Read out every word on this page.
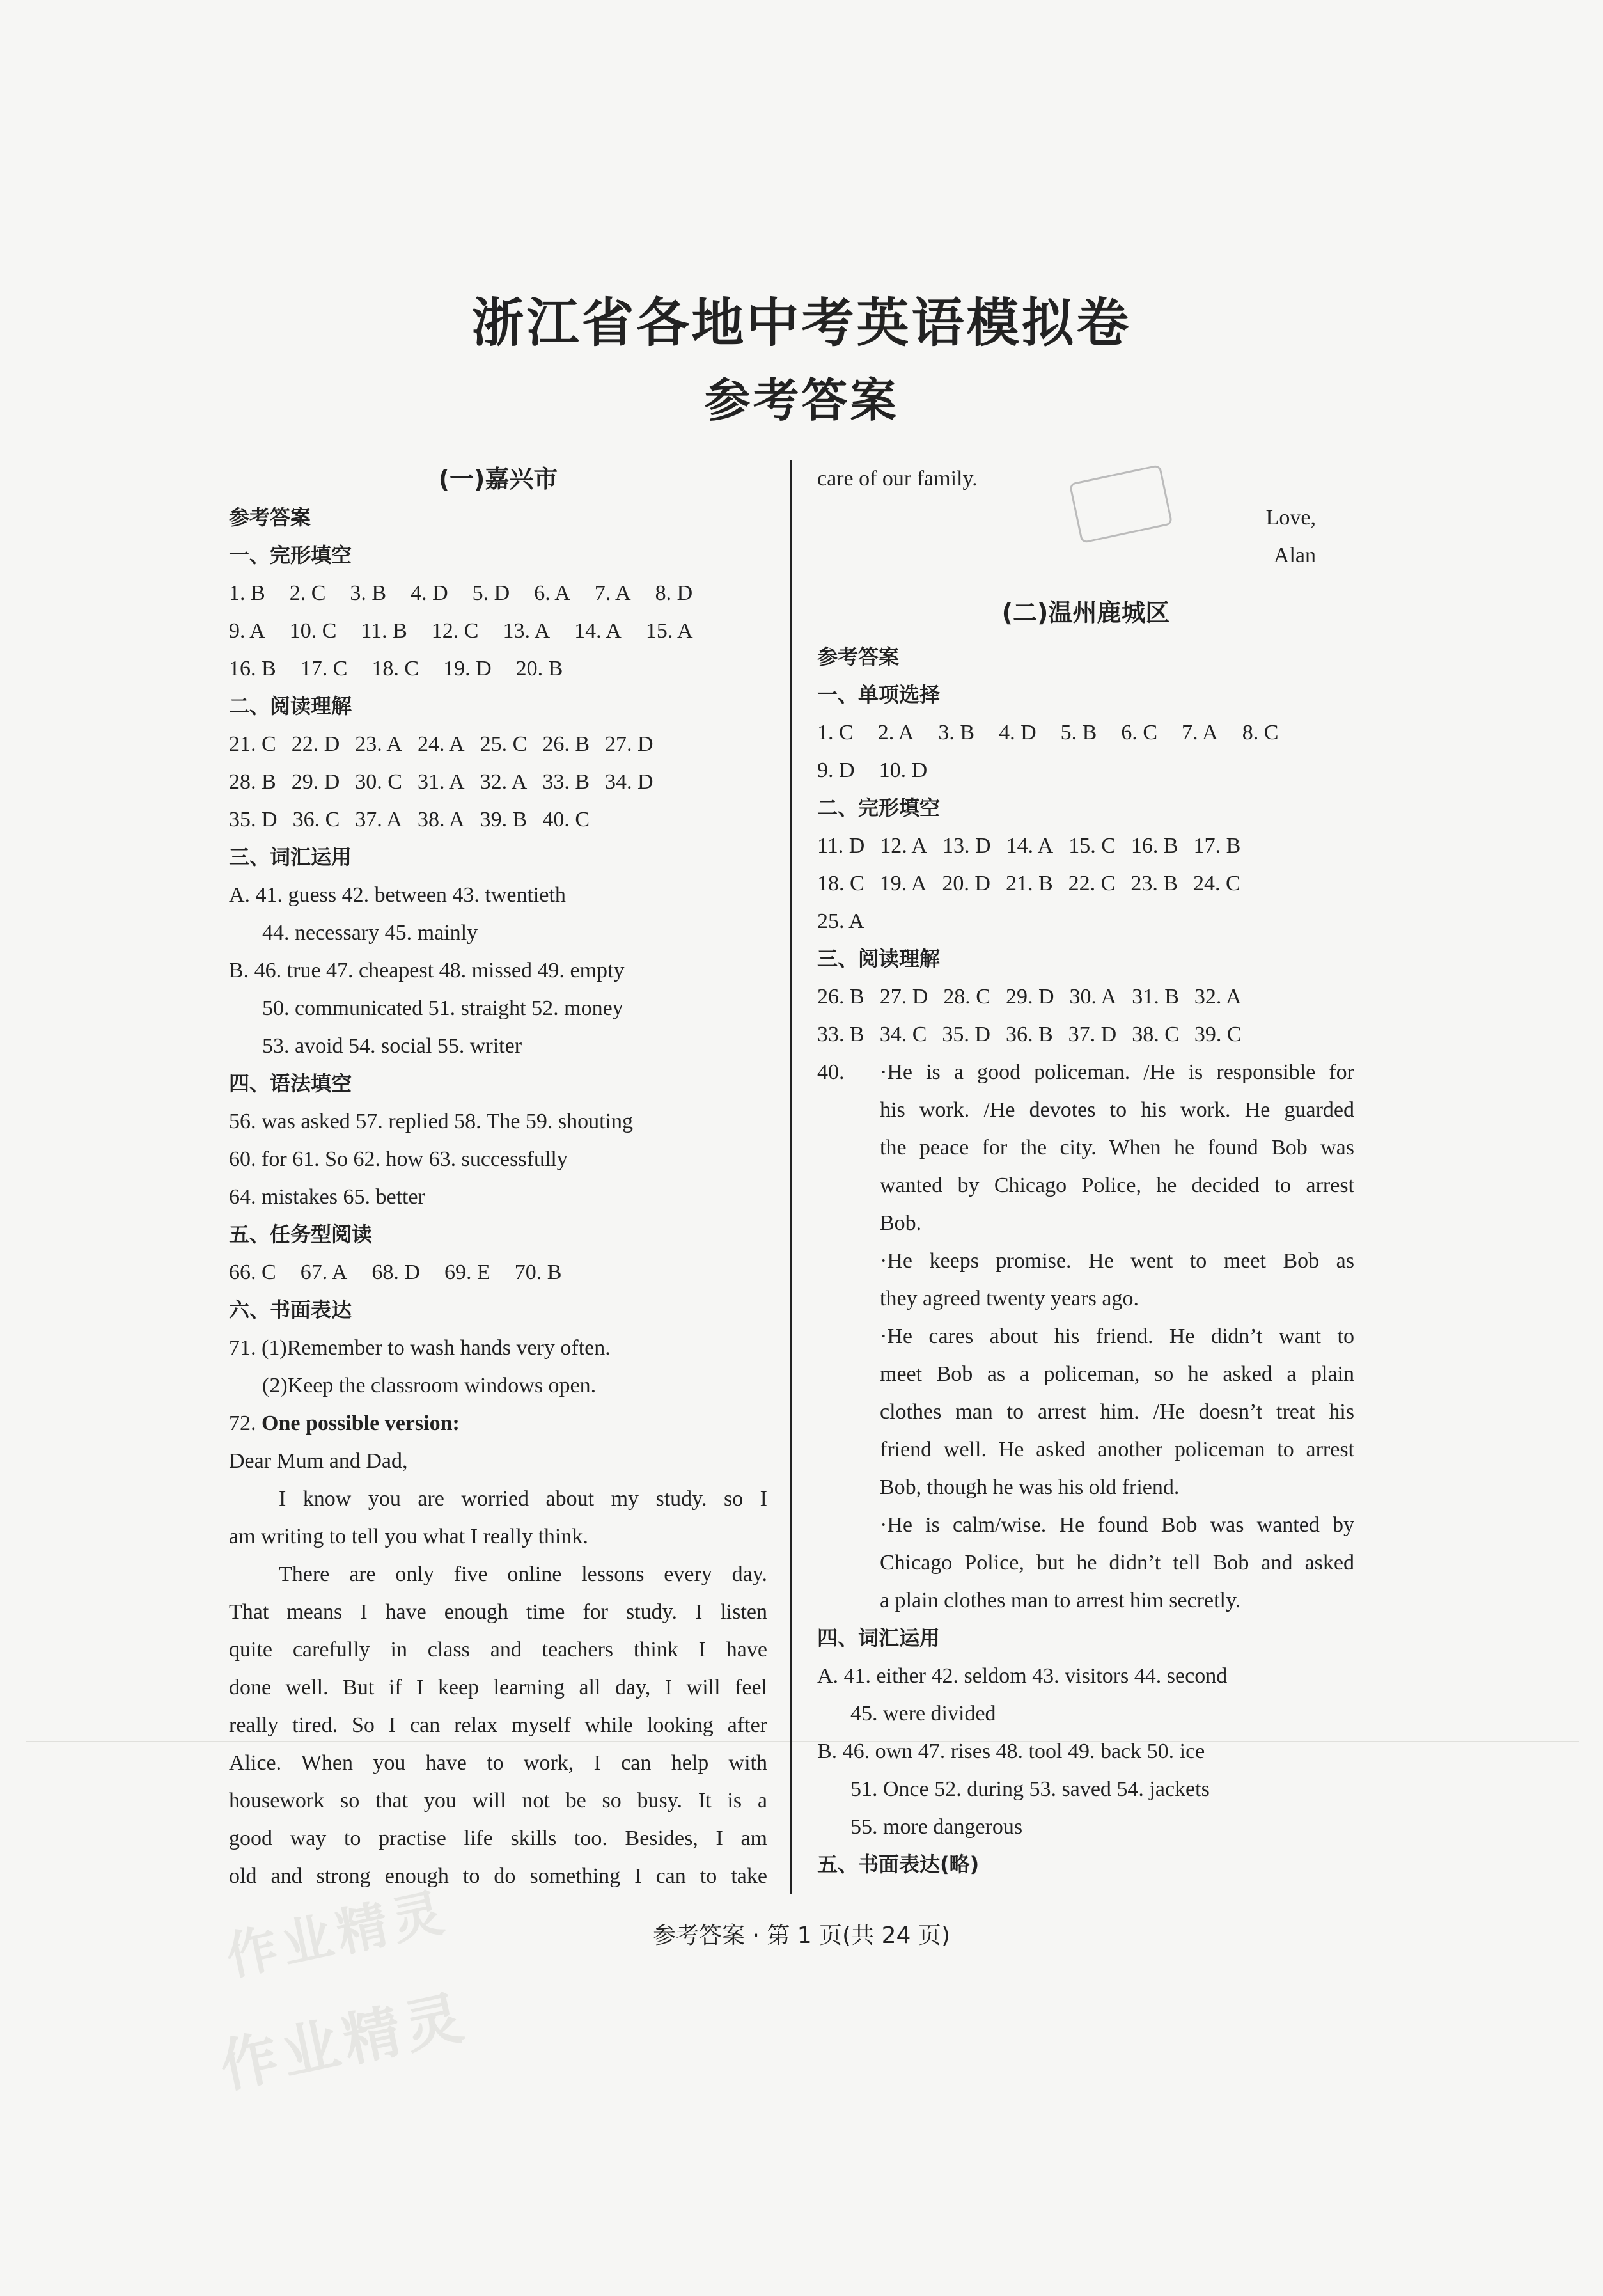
浙江省各地中考英语模拟卷
参考答案
(一)嘉兴市
参考答案
一、完形填空
1. B 2. C 3. B 4. D 5. D 6. A 7. A 8. D
9. A 10. C 11. B 12. C 13. A 14. A 15. A
16. B 17. C 18. C 19. D 20. B
二、阅读理解
21. C 22. D 23. A 24. A 25. C 26. B 27. D
28. B 29. D 30. C 31. A 32. A 33. B 34. D
35. D 36. C 37. A 38. A 39. B 40. C
三、词汇运用
A. 41. guess 42. between 43. twentieth
44. necessary 45. mainly
B. 46. true 47. cheapest 48. missed 49. empty
50. communicated 51. straight 52. money
53. avoid 54. social 55. writer
四、语法填空
56. was asked 57. replied 58. The 59. shouting
60. for 61. So 62. how 63. successfully
64. mistakes 65. better
五、任务型阅读
66. C 67. A 68. D 69. E 70. B
六、书面表达
71. (1)Remember to wash hands very often.
(2)Keep the classroom windows open.
72. One possible version:
Dear Mum and Dad,
I know you are worried about my study. so I
am writing to tell you what I really think.
There are only five online lessons every day.
That means I have enough time for study. I listen
quite carefully in class and teachers think I have
done well. But if I keep learning all day, I will feel
really tired. So I can relax myself while looking after
Alice. When you have to work, I can help with
housework so that you will not be so busy. It is a
good way to practise life skills too. Besides, I am
old and strong enough to do something I can to take
care of our family.
Love,
Alan
(二)温州鹿城区
参考答案
一、单项选择
1. C 2. A 3. B 4. D 5. B 6. C 7. A 8. C
9. D 10. D
二、完形填空
11. D 12. A 13. D 14. A 15. C 16. B 17. B
18. C 19. A 20. D 21. B 22. C 23. B 24. C
25. A
三、阅读理解
26. B 27. D 28. C 29. D 30. A 31. B 32. A
33. B 34. C 35. D 36. B 37. D 38. C 39. C
40. ·He is a good policeman. /He is responsible for
his work. /He devotes to his work. He guarded
the peace for the city. When he found Bob was
wanted by Chicago Police, he decided to arrest
Bob.
·He keeps promise. He went to meet Bob as
they agreed twenty years ago.
·He cares about his friend. He didn’t want to
meet Bob as a policeman, so he asked a plain
clothes man to arrest him. /He doesn’t treat his
friend well. He asked another policeman to arrest
Bob, though he was his old friend.
·He is calm/wise. He found Bob was wanted by
Chicago Police, but he didn’t tell Bob and asked
a plain clothes man to arrest him secretly.
四、词汇运用
A. 41. either 42. seldom 43. visitors 44. second
45. were divided
B. 46. own 47. rises 48. tool 49. back 50. ice
51. Once 52. during 53. saved 54. jackets
55. more dangerous
五、书面表达(略)
参考答案 · 第 1 页(共 24 页)
作业精灵
作业精灵
